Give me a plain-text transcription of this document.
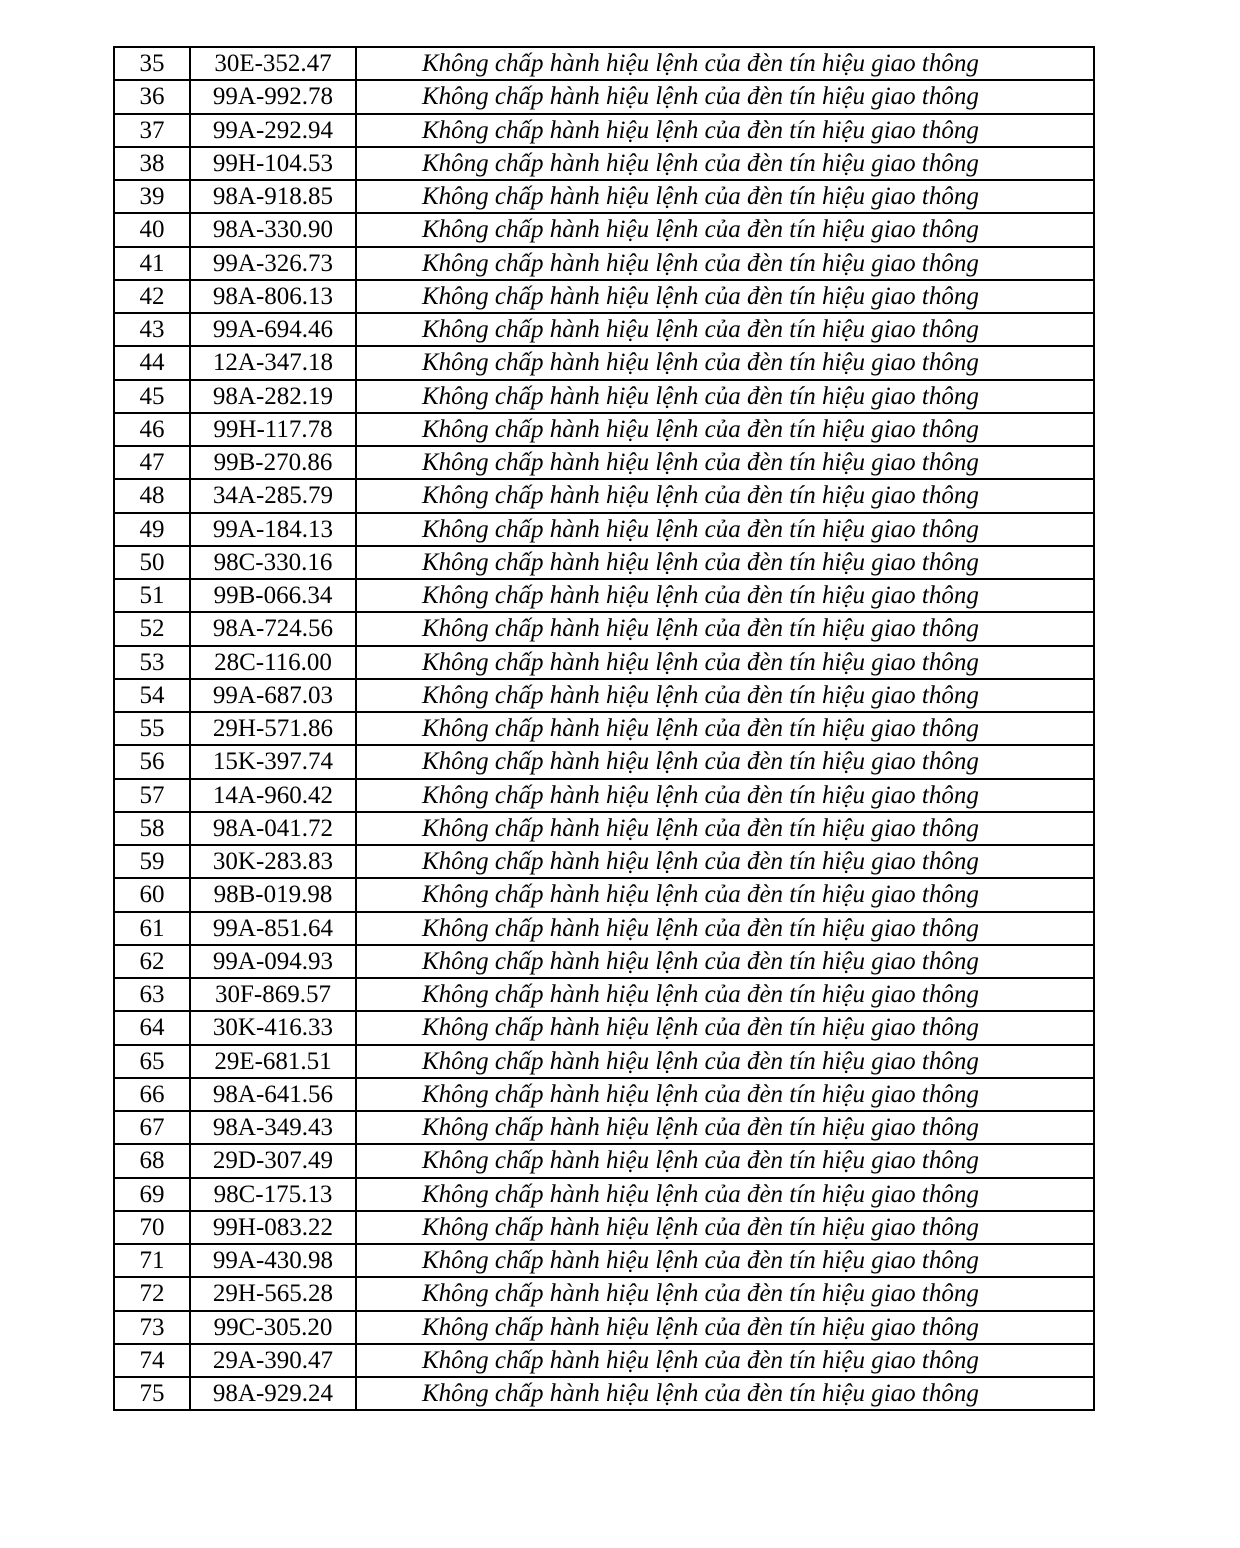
35	30E-352.47	Không chấp hành hiệu lệnh của đèn tín hiệu giao thông
36	99A-992.78	Không chấp hành hiệu lệnh của đèn tín hiệu giao thông
37	99A-292.94	Không chấp hành hiệu lệnh của đèn tín hiệu giao thông
38	99H-104.53	Không chấp hành hiệu lệnh của đèn tín hiệu giao thông
39	98A-918.85	Không chấp hành hiệu lệnh của đèn tín hiệu giao thông
40	98A-330.90	Không chấp hành hiệu lệnh của đèn tín hiệu giao thông
41	99A-326.73	Không chấp hành hiệu lệnh của đèn tín hiệu giao thông
42	98A-806.13	Không chấp hành hiệu lệnh của đèn tín hiệu giao thông
43	99A-694.46	Không chấp hành hiệu lệnh của đèn tín hiệu giao thông
44	12A-347.18	Không chấp hành hiệu lệnh của đèn tín hiệu giao thông
45	98A-282.19	Không chấp hành hiệu lệnh của đèn tín hiệu giao thông
46	99H-117.78	Không chấp hành hiệu lệnh của đèn tín hiệu giao thông
47	99B-270.86	Không chấp hành hiệu lệnh của đèn tín hiệu giao thông
48	34A-285.79	Không chấp hành hiệu lệnh của đèn tín hiệu giao thông
49	99A-184.13	Không chấp hành hiệu lệnh của đèn tín hiệu giao thông
50	98C-330.16	Không chấp hành hiệu lệnh của đèn tín hiệu giao thông
51	99B-066.34	Không chấp hành hiệu lệnh của đèn tín hiệu giao thông
52	98A-724.56	Không chấp hành hiệu lệnh của đèn tín hiệu giao thông
53	28C-116.00	Không chấp hành hiệu lệnh của đèn tín hiệu giao thông
54	99A-687.03	Không chấp hành hiệu lệnh của đèn tín hiệu giao thông
55	29H-571.86	Không chấp hành hiệu lệnh của đèn tín hiệu giao thông
56	15K-397.74	Không chấp hành hiệu lệnh của đèn tín hiệu giao thông
57	14A-960.42	Không chấp hành hiệu lệnh của đèn tín hiệu giao thông
58	98A-041.72	Không chấp hành hiệu lệnh của đèn tín hiệu giao thông
59	30K-283.83	Không chấp hành hiệu lệnh của đèn tín hiệu giao thông
60	98B-019.98	Không chấp hành hiệu lệnh của đèn tín hiệu giao thông
61	99A-851.64	Không chấp hành hiệu lệnh của đèn tín hiệu giao thông
62	99A-094.93	Không chấp hành hiệu lệnh của đèn tín hiệu giao thông
63	30F-869.57	Không chấp hành hiệu lệnh của đèn tín hiệu giao thông
64	30K-416.33	Không chấp hành hiệu lệnh của đèn tín hiệu giao thông
65	29E-681.51	Không chấp hành hiệu lệnh của đèn tín hiệu giao thông
66	98A-641.56	Không chấp hành hiệu lệnh của đèn tín hiệu giao thông
67	98A-349.43	Không chấp hành hiệu lệnh của đèn tín hiệu giao thông
68	29D-307.49	Không chấp hành hiệu lệnh của đèn tín hiệu giao thông
69	98C-175.13	Không chấp hành hiệu lệnh của đèn tín hiệu giao thông
70	99H-083.22	Không chấp hành hiệu lệnh của đèn tín hiệu giao thông
71	99A-430.98	Không chấp hành hiệu lệnh của đèn tín hiệu giao thông
72	29H-565.28	Không chấp hành hiệu lệnh của đèn tín hiệu giao thông
73	99C-305.20	Không chấp hành hiệu lệnh của đèn tín hiệu giao thông
74	29A-390.47	Không chấp hành hiệu lệnh của đèn tín hiệu giao thông
75	98A-929.24	Không chấp hành hiệu lệnh của đèn tín hiệu giao thông
